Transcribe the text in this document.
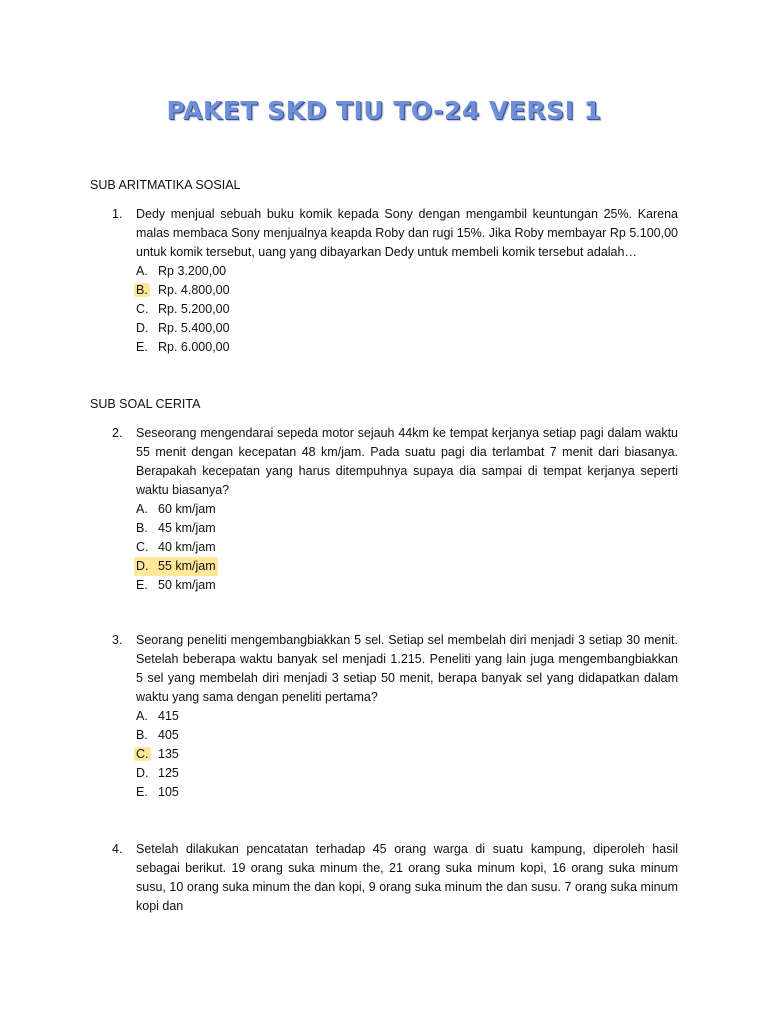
PAKET SKD TIU TO-24 VERSI 1
SUB ARITMATIKA SOSIAL
1. Dedy menjual sebuah buku komik kepada Sony dengan mengambil keuntungan 25%. Karena malas membaca Sony menjualnya keapda Roby dan rugi 15%. Jika Roby membayar Rp 5.100,00 untuk komik tersebut, uang yang dibayarkan Dedy untuk membeli komik tersebut adalah…
A. Rp 3.200,00
B. Rp. 4.800,00
C. Rp. 5.200,00
D. Rp. 5.400,00
E. Rp. 6.000,00
SUB SOAL CERITA
2. Seseorang mengendarai sepeda motor sejauh 44km ke tempat kerjanya setiap pagi dalam waktu 55 menit dengan kecepatan 48 km/jam. Pada suatu pagi dia terlambat 7 menit dari biasanya. Berapakah kecepatan yang harus ditempuhnya supaya dia sampai di tempat kerjanya seperti waktu biasanya?
A. 60 km/jam
B. 45 km/jam
C. 40 km/jam
D. 55 km/jam
E. 50 km/jam
3. Seorang peneliti mengembangbiakkan 5 sel. Setiap sel membelah diri menjadi 3 setiap 30 menit. Setelah beberapa waktu banyak sel menjadi 1.215. Peneliti yang lain juga mengembangbiakkan 5 sel yang membelah diri menjadi 3 setiap 50 menit, berapa banyak sel yang didapatkan dalam waktu yang sama dengan peneliti pertama?
A. 415
B. 405
C. 135
D. 125
E. 105
4. Setelah dilakukan pencatatan terhadap 45 orang warga di suatu kampung, diperoleh hasil sebagai berikut. 19 orang suka minum the, 21 orang suka minum kopi, 16 orang suka minum susu, 10 orang suka minum the dan kopi, 9 orang suka minum the dan susu. 7 orang suka minum kopi dan
